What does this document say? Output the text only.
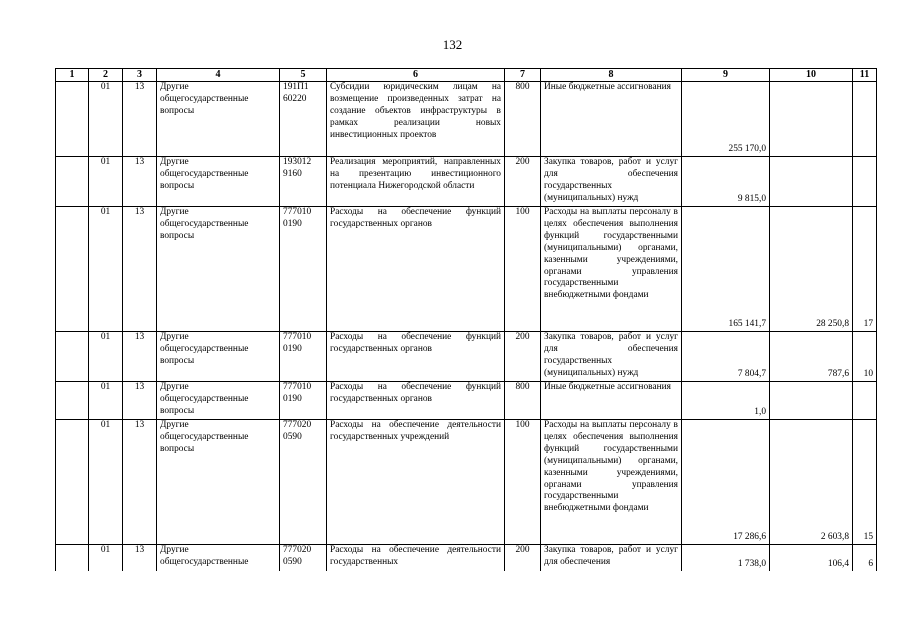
132
1	2	3	4	5	6	7	8	9	10	11
	01	13	Другие общегосударственные вопросы	191П1 60220	Субсидии юридическим лицам на возмещение произведенных затрат на создание объектов инфраструктуры в рамках реализации новых инвестиционных проектов	800	Иные бюджетные ассигнования	255 170,0		
	01	13	Другие общегосударственные вопросы	193012 9160	Реализация мероприятий, направленных на презентацию инвестиционного потенциала Нижегородской области	200	Закупка товаров, работ и услуг для обеспечения государственных (муниципальных) нужд	9 815,0		
	01	13	Другие общегосударственные вопросы	777010 0190	Расходы на обеспечение функций государственных органов	100	Расходы на выплаты персоналу в целях обеспечения выполнения функций государственными (муниципальными) органами, казенными учреждениями, органами управления государственными внебюджетными фондами	165 141,7	28 250,8	17
	01	13	Другие общегосударственные вопросы	777010 0190	Расходы на обеспечение функций государственных органов	200	Закупка товаров, работ и услуг для обеспечения государственных (муниципальных) нужд	7 804,7	787,6	10
	01	13	Другие общегосударственные вопросы	777010 0190	Расходы на обеспечение функций государственных органов	800	Иные бюджетные ассигнования	1,0		
	01	13	Другие общегосударственные вопросы	777020 0590	Расходы на обеспечение деятельности государственных учреждений	100	Расходы на выплаты персоналу в целях обеспечения выполнения функций государственными (муниципальными) органами, казенными учреждениями, органами управления государственными внебюджетными фондами	17 286,6	2 603,8	15
	01	13	Другие общегосударственные	777020 0590	Расходы на обеспечение деятельности государственных	200	Закупка товаров, работ и услуг для обеспечения	1 738,0	106,4	6
